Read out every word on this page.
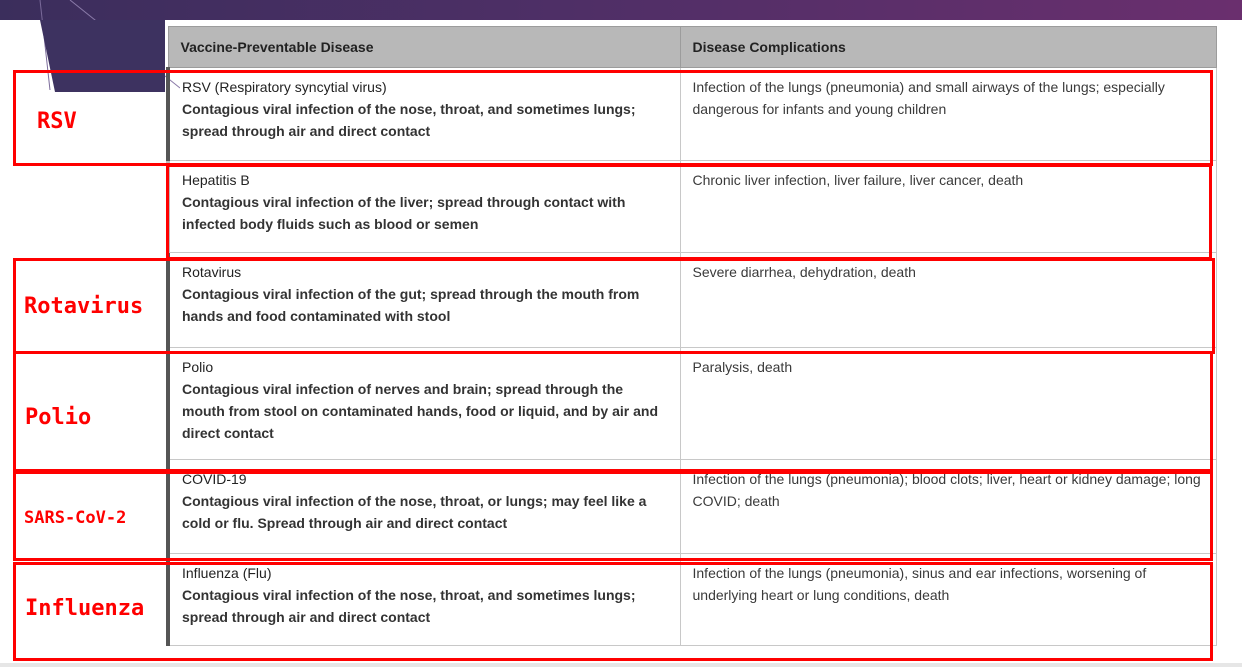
Vaccine-Preventable Disease	Disease Complications

RSV (Respiratory syncytial virus)
Contagious viral infection of the nose, throat, and sometimes lungs; spread through air and direct contact	Infection of the lungs (pneumonia) and small airways of the lungs; especially dangerous for infants and young children

Hepatitis B
Contagious viral infection of the liver; spread through contact with infected body fluids such as blood or semen	Chronic liver infection, liver failure, liver cancer, death

Rotavirus
Contagious viral infection of the gut; spread through the mouth from hands and food contaminated with stool	Severe diarrhea, dehydration, death

Polio
Contagious viral infection of nerves and brain; spread through the mouth from stool on contaminated hands, food or liquid, and by air and direct contact	Paralysis, death

COVID-19
Contagious viral infection of the nose, throat, or lungs; may feel like a cold or flu. Spread through air and direct contact	Infection of the lungs (pneumonia); blood clots; liver, heart or kidney damage; long COVID; death

Influenza (Flu)
Contagious viral infection of the nose, throat, and sometimes lungs; spread through air and direct contact	Infection of the lungs (pneumonia), sinus and ear infections, worsening of underlying heart or lung conditions, death
RSV
Rotavirus
Polio
SARS-CoV-2
Influenza
